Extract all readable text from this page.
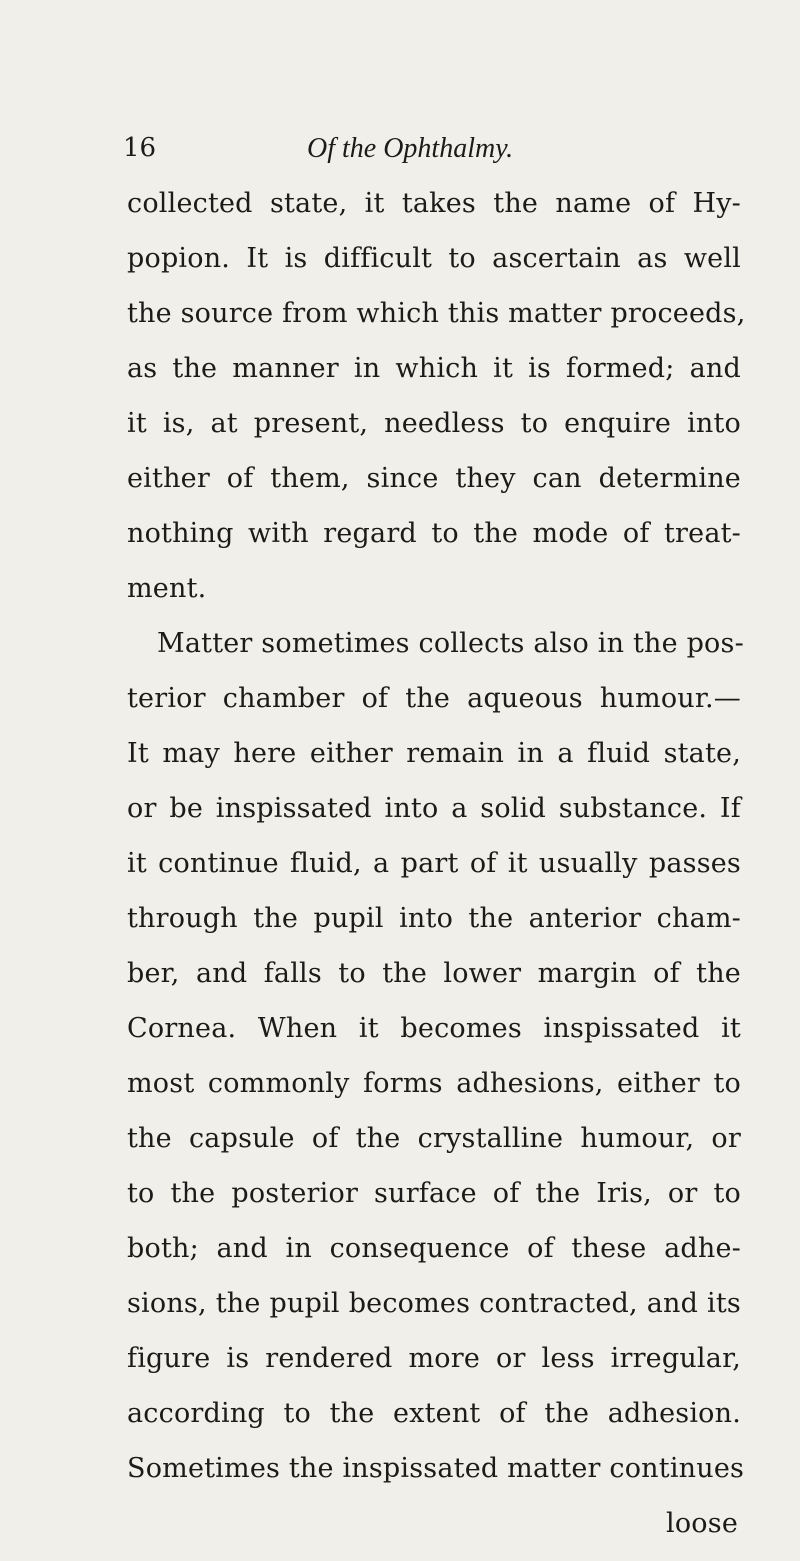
16	Of the Ophthalmy.
collected state, it takes the name of Hy-
popion. It is difficult to ascertain as well
the source from which this matter proceeds,
as the manner in which it is formed; and
it is, at present, needless to enquire into
either of them, since they can determine
nothing with regard to the mode of treat-
ment.
Matter sometimes collects also in the pos-
terior chamber of the aqueous humour.—
It may here either remain in a fluid state,
or be inspissated into a solid substance. If
it continue fluid, a part of it usually passes
through the pupil into the anterior cham-
ber, and falls to the lower margin of the
Cornea. When it becomes inspissated it
most commonly forms adhesions, either to
the capsule of the crystalline humour, or
to the posterior surface of the Iris, or to
both; and in consequence of these adhe-
sions, the pupil becomes contracted, and its
figure is rendered more or less irregular,
according to the extent of the adhesion.
Sometimes the inspissated matter continues
loose
